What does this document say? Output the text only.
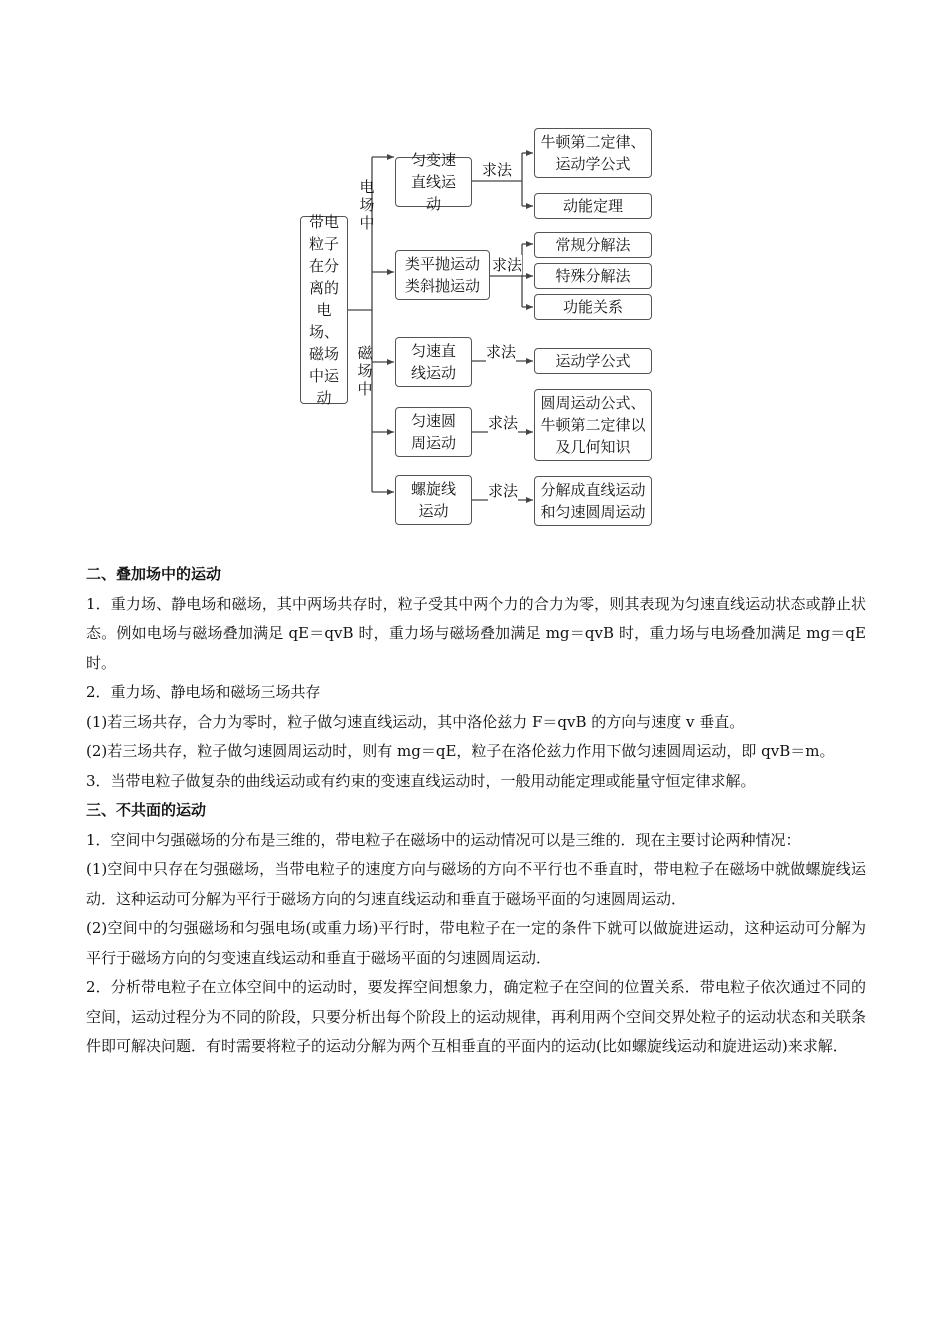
带电粒子在分离的电场、磁场中运动
电场中
磁场中
匀变速直线运动
求法
牛顿第二定律、运动学公式
动能定理
类平抛运动类斜抛运动
求法
常规分解法
特殊分解法
功能关系
匀速直线运动
求法	运动学公式
匀速圆周运动
求法
圆周运动公式、牛顿第二定律以及几何知识
螺旋线运动
求法 分解成直线运动和匀速圆周运动
二、叠加场中的运动

1．重力场、静电场和磁场，其中两场共存时，粒子受其中两个力的合力为零，则其表现为匀速直线运动状态或静止状态。例如电场与磁场叠加满足 qE＝qvB 时，重力场与磁场叠加满足 mg＝qvB 时，重力场与电场叠加满足 mg＝qE 时。

2．重力场、静电场和磁场三场共存

(1)若三场共存，合力为零时，粒子做匀速直线运动，其中洛伦兹力 F＝qvB 的方向与速度 v 垂直。

(2)若三场共存，粒子做匀速圆周运动时，则有 mg＝qE，粒子在洛伦兹力作用下做匀速圆周运动，即 qvB＝m。

3．当带电粒子做复杂的曲线运动或有约束的变速直线运动时，一般用动能定理或能量守恒定律求解。

三、不共面的运动

1．空间中匀强磁场的分布是三维的，带电粒子在磁场中的运动情况可以是三维的．现在主要讨论两种情况：

(1)空间中只存在匀强磁场，当带电粒子的速度方向与磁场的方向不平行也不垂直时，带电粒子在磁场中就做螺旋线运动．这种运动可分解为平行于磁场方向的匀速直线运动和垂直于磁场平面的匀速圆周运动．

(2)空间中的匀强磁场和匀强电场(或重力场)平行时，带电粒子在一定的条件下就可以做旋进运动，这种运动可分解为平行于磁场方向的匀变速直线运动和垂直于磁场平面的匀速圆周运动．

2．分析带电粒子在立体空间中的运动时，要发挥空间想象力，确定粒子在空间的位置关系．带电粒子依次通过不同的空间，运动过程分为不同的阶段，只要分析出每个阶段上的运动规律，再利用两个空间交界处粒子的运动状态和关联条件即可解决问题．有时需要将粒子的运动分解为两个互相垂直的平面内的运动(比如螺旋线运动和旋进运动)来求解．
